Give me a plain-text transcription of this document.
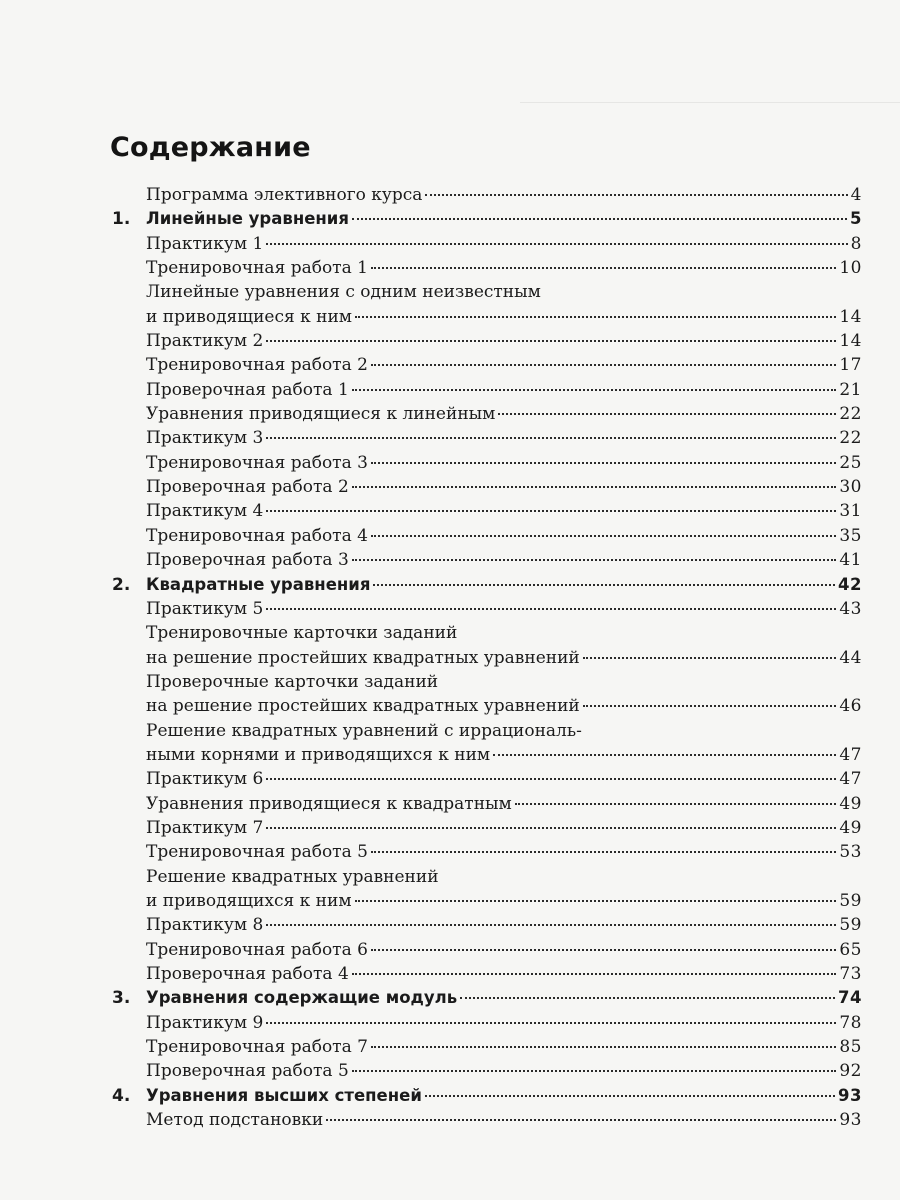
Содержание
Программа элективного курса	4
1. Линейные уравнения	5
Практикум 1	8
Тренировочная работа 1	10
Линейные уравнения с одним неизвестным
и приводящиеся к ним	14
Практикум 2	14
Тренировочная работа 2	17
Проверочная работа 1	21
Уравнения приводящиеся к линейным	22
Практикум 3	22
Тренировочная работа 3	25
Проверочная работа 2	30
Практикум 4	31
Тренировочная работа 4	35
Проверочная работа 3	41
2. Квадратные уравнения	42
Практикум 5	43
Тренировочные карточки заданий
на решение простейших квадратных уравнений	44
Проверочные карточки заданий
на решение простейших квадратных уравнений	46
Решение квадратных уравнений с иррациональ-
ными корнями и приводящихся к ним	47
Практикум 6	47
Уравнения приводящиеся к квадратным	49
Практикум 7	49
Тренировочная работа 5	53
Решение квадратных уравнений
и приводящихся к ним	59
Практикум 8	59
Тренировочная работа 6	65
Проверочная работа 4	73
3. Уравнения содержащие модуль	74
Практикум 9	78
Тренировочная работа 7	85
Проверочная работа 5	92
4. Уравнения высших степеней	93
Метод подстановки	93
